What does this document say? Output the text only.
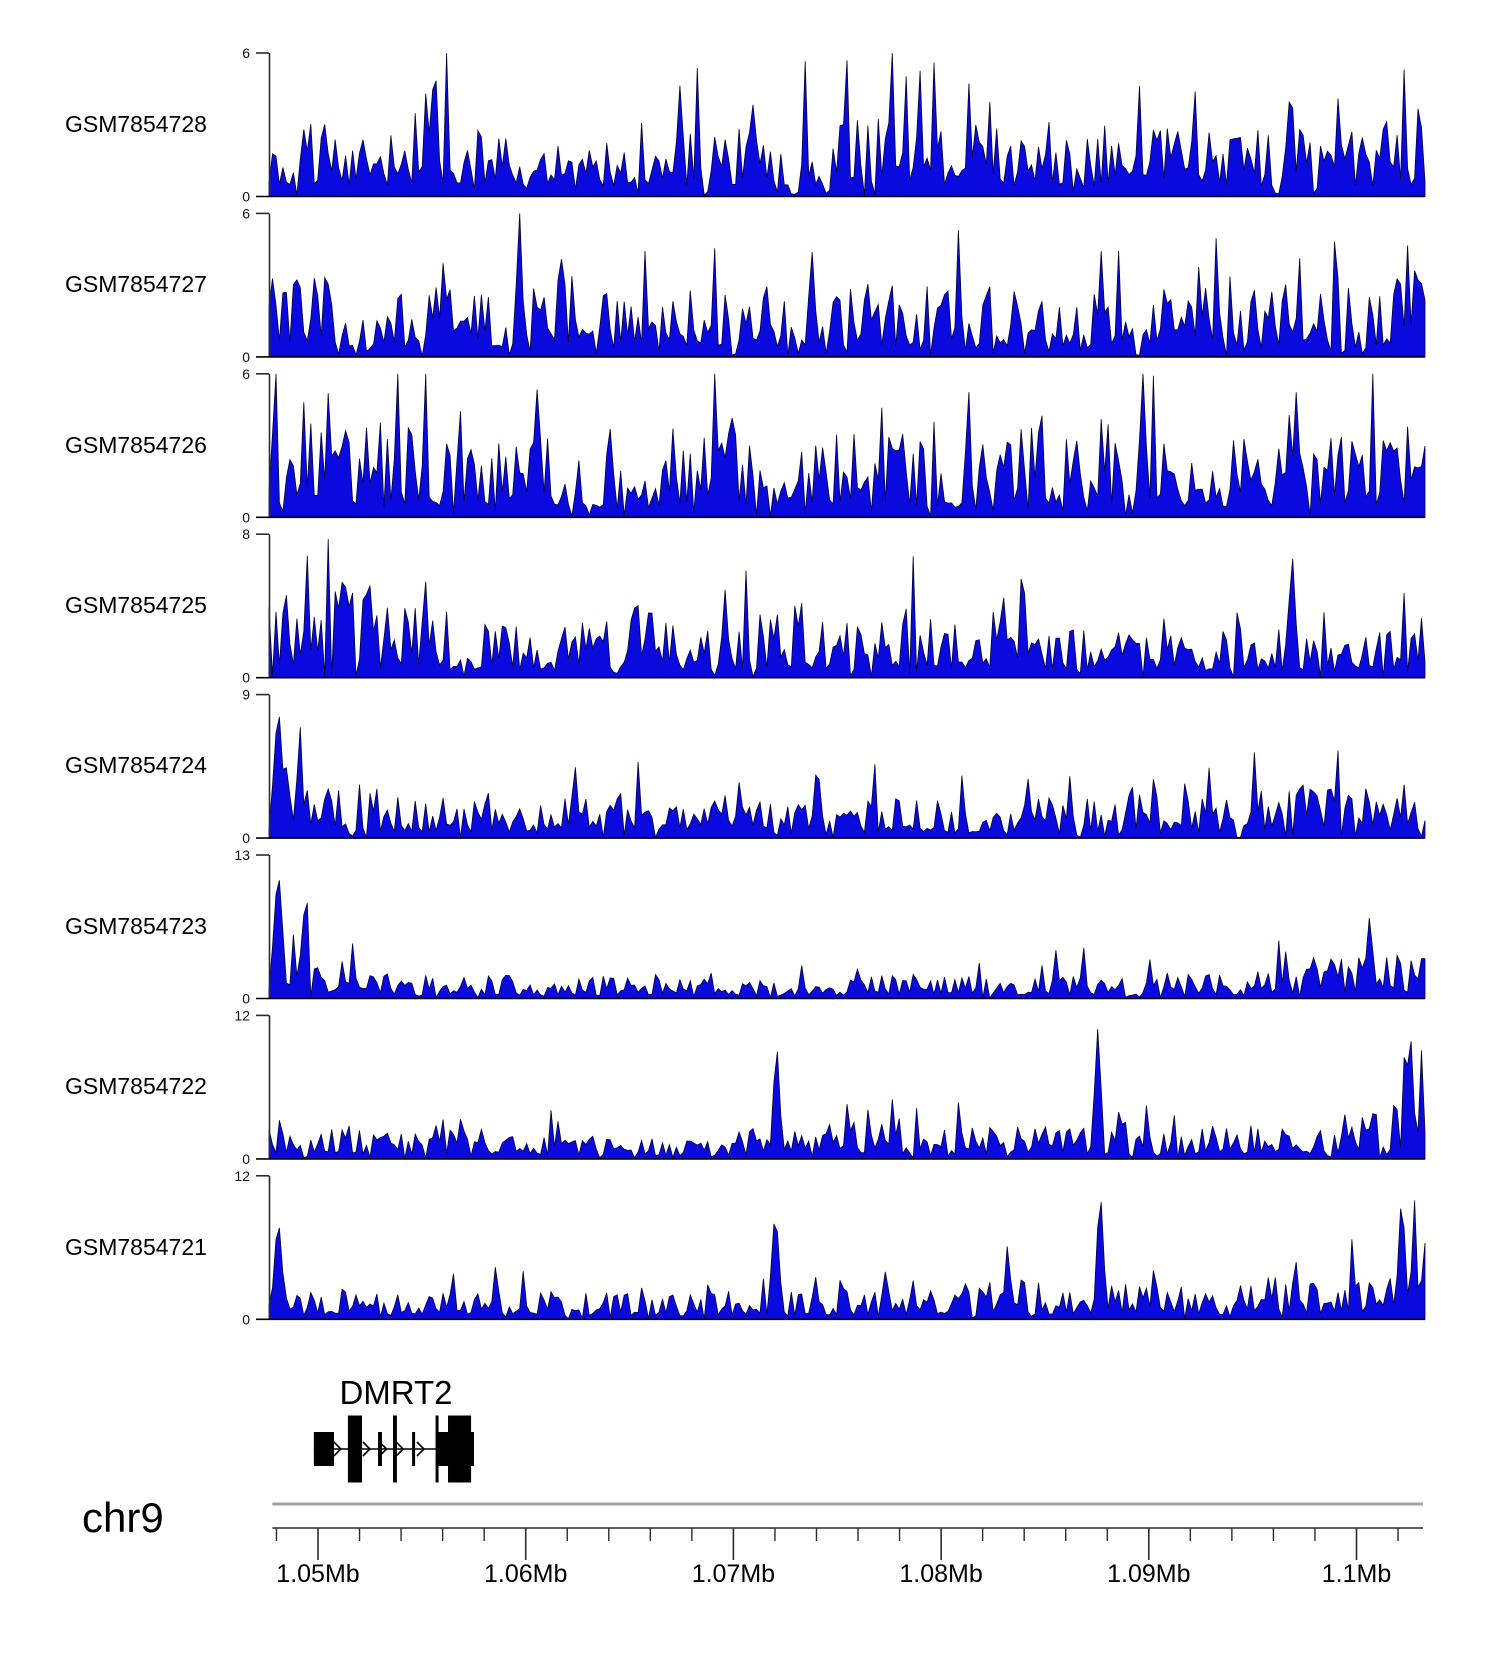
6
0
6
0
6
0
8
0
9
0
13
0
12
0
12
0
GSM7854728
GSM7854727
GSM7854726
GSM7854725
GSM7854724
GSM7854723
GSM7854722
GSM7854721
1.05Mb	1.06Mb	1.07Mb	1.08Mb	1.09Mb	1.1Mb
DMRT2
chr9
